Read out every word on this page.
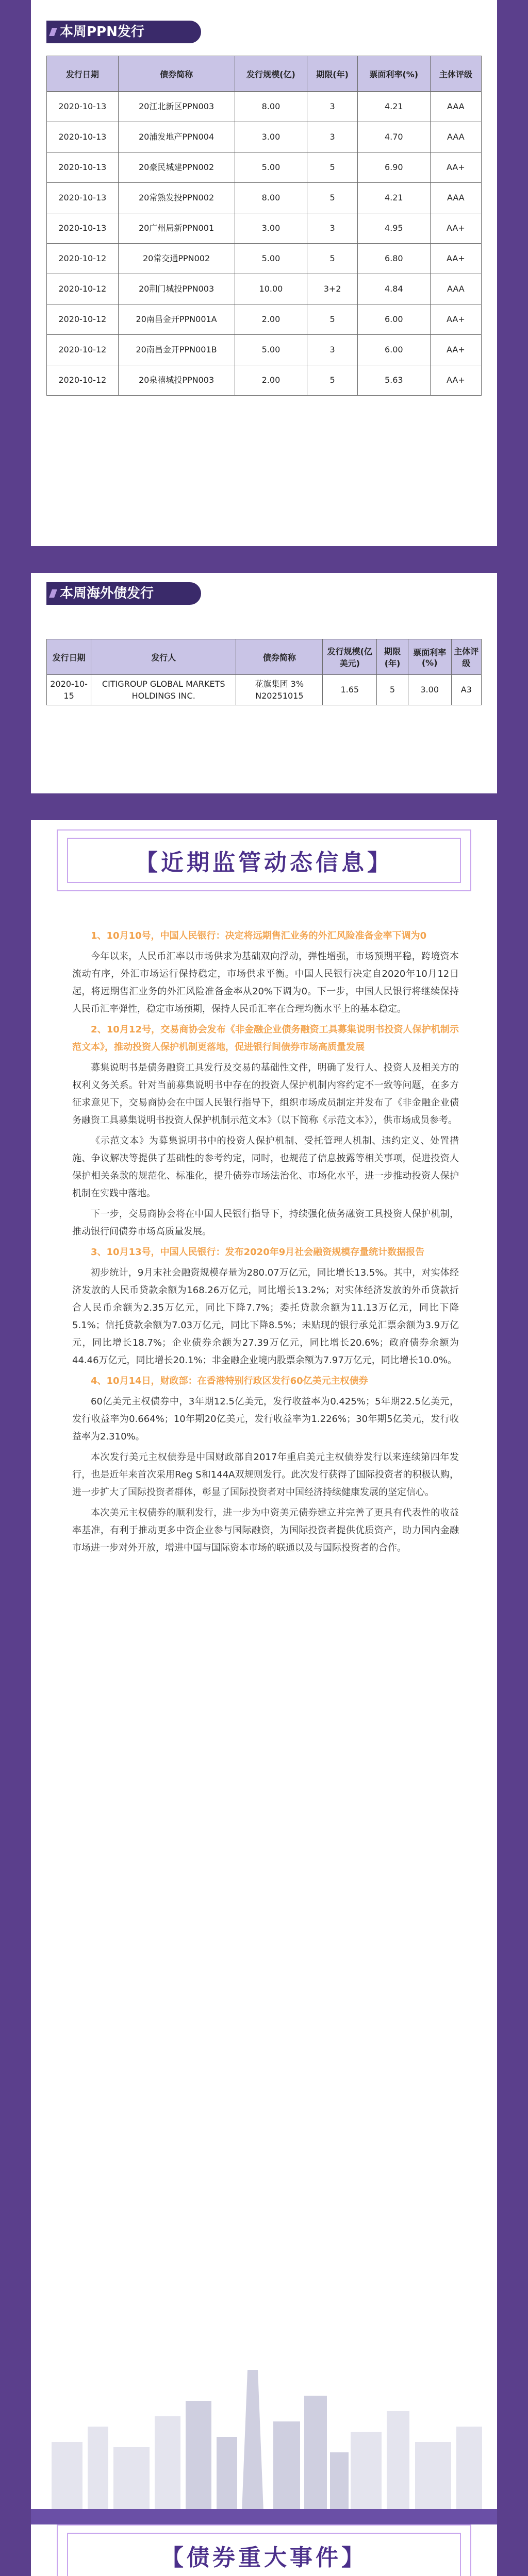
本周PPN发行
发行日期	债券简称	发行规模(亿)	期限(年)	票面利率(%)	主体评级
2020-10-13	20江北新区PPN003	8.00	3	4.21	AAA
2020-10-13	20浦发地产PPN004	3.00	3	4.70	AAA
2020-10-13	20豪民城建PPN002	5.00	5	6.90	AA+
2020-10-13	20常熟发投PPN002	8.00	5	4.21	AAA
2020-10-13	20广州局新PPN001	3.00	3	4.95	AA+
2020-10-12	20常交通PPN002	5.00	5	6.80	AA+
2020-10-12	20荆门城投PPN003	10.00	3+2	4.84	AAA
2020-10-12	20南昌金开PPN001A	2.00	5	6.00	AA+
2020-10-12	20南昌金开PPN001B	5.00	3	6.00	AA+
2020-10-12	20泉禧城投PPN003	2.00	5	5.63	AA+
本周海外债发行
发行日期	发行人	债券简称	发行规模(亿美元)	期限(年)	票面利率(%)	主体评级
2020-10-15	CITIGROUP GLOBAL MARKETS HOLDINGS INC.	花旗集团 3% N20251015	1.65	5	3.00	A3
【近期监管动态信息】

1、10月10号，中国人民银行：决定将远期售汇业务的外汇风险准备金率下调为0

今年以来，人民币汇率以市场供求为基础双向浮动，弹性增强，市场预期平稳，跨境资本流动有序，外汇市场运行保持稳定，市场供求平衡。中国人民银行决定自2020年10月12日起，将远期售汇业务的外汇风险准备金率从20%下调为0。下一步，中国人民银行将继续保持人民币汇率弹性，稳定市场预期，保持人民币汇率在合理均衡水平上的基本稳定。

2、10月12号，交易商协会发布《非金融企业债务融资工具募集说明书投资人保护机制示范文本》，推动投资人保护机制更落地，促进银行间债券市场高质量发展

募集说明书是债务融资工具发行及交易的基础性文件，明确了发行人、投资人及相关方的权利义务关系。针对当前募集说明书中存在的投资人保护机制内容约定不一致等问题，在多方征求意见下，交易商协会在中国人民银行指导下，组织市场成员制定并发布了《非金融企业债务融资工具募集说明书投资人保护机制示范文本》（以下简称《示范文本》），供市场成员参考。

《示范文本》为募集说明书中的投资人保护机制、受托管理人机制、违约定义、处置措施、争议解决等提供了基础性的参考约定，同时，也规范了信息披露等相关事项，促进投资人保护相关条款的规范化、标准化，提升债券市场法治化、市场化水平，进一步推动投资人保护机制在实践中落地。

下一步，交易商协会将在中国人民银行指导下，持续强化债务融资工具投资人保护机制，推动银行间债券市场高质量发展。

3、10月13号，中国人民银行：发布2020年9月社会融资规模存量统计数据报告

初步统计，9月末社会融资规模存量为280.07万亿元，同比增长13.5%。其中，对实体经济发放的人民币贷款余额为168.26万亿元，同比增长13.2%；对实体经济发放的外币贷款折合人民币余额为2.35万亿元，同比下降7.7%；委托贷款余额为11.13万亿元，同比下降5.1%；信托贷款余额为7.03万亿元，同比下降8.5%；未贴现的银行承兑汇票余额为3.9万亿元，同比增长18.7%；企业债券余额为27.39万亿元，同比增长20.6%；政府债券余额为44.46万亿元，同比增长20.1%；非金融企业境内股票余额为7.97万亿元，同比增长10.0%。

4、10月14日，财政部：在香港特别行政区发行60亿美元主权债券

60亿美元主权债券中，3年期12.5亿美元，发行收益率为0.425%；5年期22.5亿美元，发行收益率为0.664%；10年期20亿美元，发行收益率为1.226%；30年期5亿美元，发行收益率为2.310%。

本次发行美元主权债券是中国财政部自2017年重启美元主权债券发行以来连续第四年发行，也是近年来首次采用Reg S和144A双规则发行。此次发行获得了国际投资者的积极认购，进一步扩大了国际投资者群体，彰显了国际投资者对中国经济持续健康发展的坚定信心。

本次美元主权债券的顺利发行，进一步为中资美元债券建立并完善了更具有代表性的收益率基准，有利于推动更多中资企业参与国际融资，为国际投资者提供优质资产，助力国内金融市场进一步对外开放，增进中国与国际资本市场的联通以及与国际投资者的合作。

【债券重大事件】
